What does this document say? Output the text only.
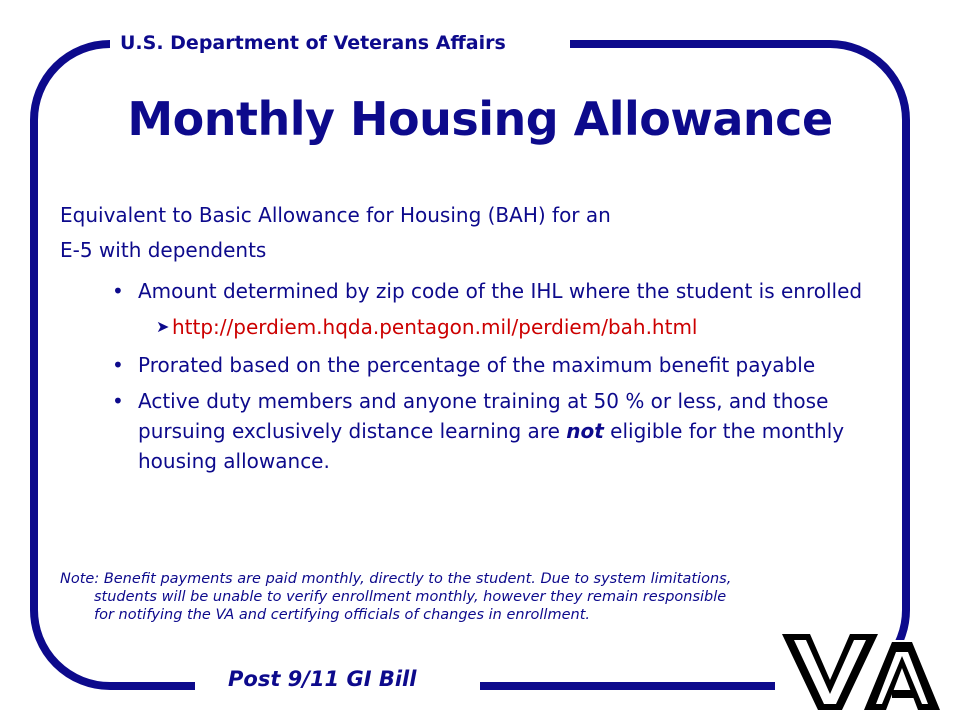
U.S. Department of Veterans Affairs
Monthly Housing Allowance
Equivalent to Basic Allowance for Housing (BAH) for an
E-5 with dependents
• Amount determined by zip code of the IHL where the student is enrolled
➤ http://perdiem.hqda.pentagon.mil/perdiem/bah.html
• Prorated based on the percentage of the maximum benefit payable
• Active duty members and anyone training at 50 % or less, and those pursuing exclusively distance learning are not eligible for the monthly housing allowance.
Note: Benefit payments are paid monthly, directly to the student. Due to system limitations,
students will be unable to verify enrollment monthly, however they remain responsible
for notifying the VA and certifying officials of changes in enrollment.
Post 9/11 GI Bill
